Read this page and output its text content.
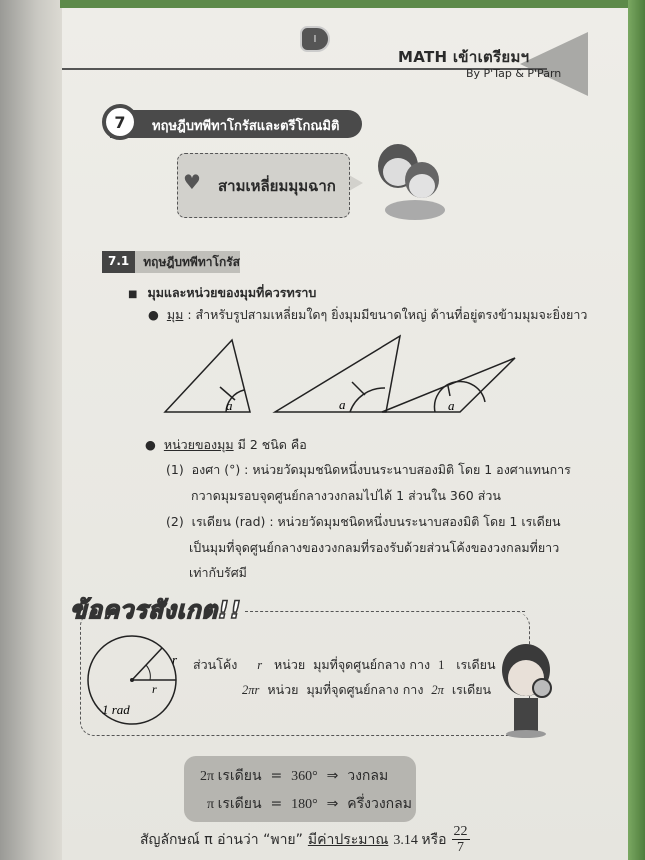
I
MATH เข้าเตรียมฯ
By P'Tap & P'Parn
ทฤษฎีบทพีทาโกรัสและตรีโกณมิติ
7
สามเหลี่ยมมุมฉาก
♥
7.1	ทฤษฎีบทพีทาโกรัส
■ มุมและหน่วยของมุมที่ควรทราบ
●  มุม : สำหรับรูปสามเหลี่ยมใดๆ ยิ่งมุมมีขนาดใหญ่ ด้านที่อยู่ตรงข้ามมุมจะยิ่งยาว
a	a	a
●  หน่วยของมุม มี 2 ชนิด คือ
(1) องศา (°) : หน่วยวัดมุมชนิดหนึ่งบนระนาบสองมิติ โดย 1 องศาแทนการ
กวาดมุมรอบจุดศูนย์กลางวงกลมไปได้ 1 ส่วนใน 360 ส่วน
(2) เรเดียน (rad) : หน่วยวัดมุมชนิดหนึ่งบนระนาบสองมิติ โดย 1 เรเดียน
เป็นมุมที่จุดศูนย์กลางของวงกลมที่รองรับด้วยส่วนโค้งของวงกลมที่ยาว
เท่ากับรัศมี
ข้อควรสังเกต!!
r
r
1 rad
ส่วนโค้ง r หน่วย มุมที่จุดศูนย์กลาง กาง 1 เรเดียน
2πr หน่วย มุมที่จุดศูนย์กลาง กาง 2π เรเดียน
2π เรเดียน = 360° ⇒ วงกลม
π เรเดียน = 180° ⇒ ครึ่งวงกลม
สัญลักษณ์ π อ่านว่า “พาย” มีค่าประมาณ 3.14 หรือ $\frac{22}{7}$
